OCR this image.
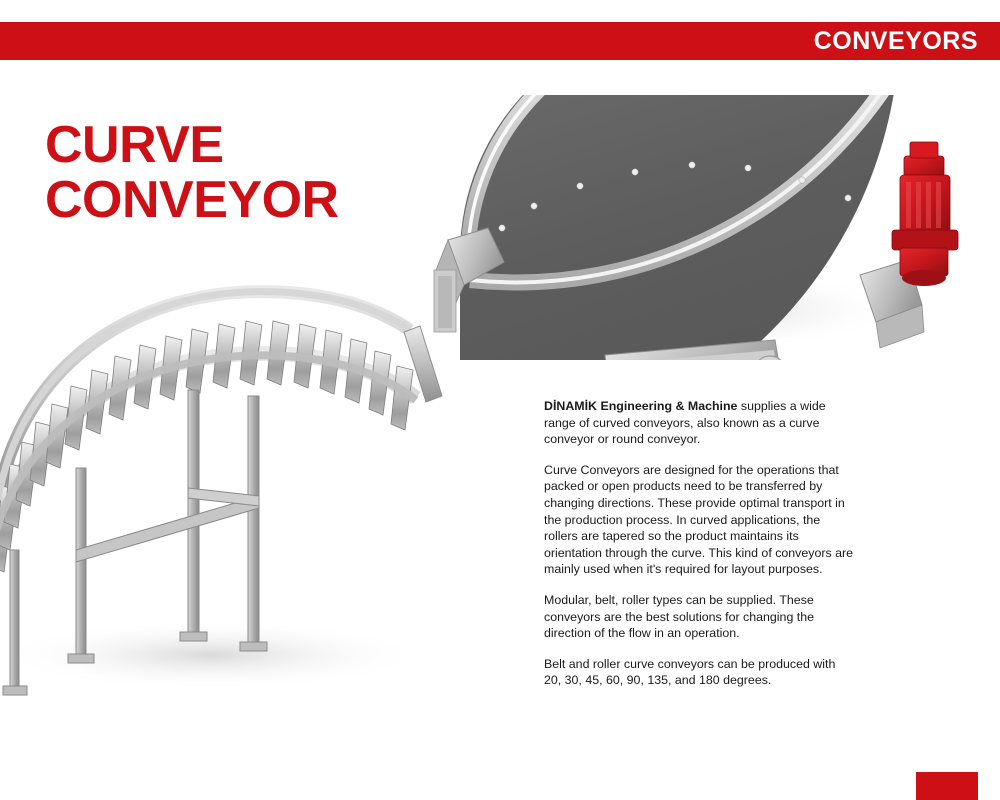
CONVEYORS
CURVE
CONVEYOR

DİNAMİK Engineering & Machine supplies a wide range of curved conveyors, also known as a curve conveyor or round conveyor.

Curve Conveyors are designed for the operations that packed or open products need to be transferred by changing directions. These provide optimal transport in the production process. In curved applications, the rollers are tapered so the product maintains its orientation through the curve. This kind of conveyors are mainly used when it's required for layout purposes.

Modular, belt, roller types can be supplied. These conveyors are the best solutions for changing the direction of the flow in an operation.

Belt and roller curve conveyors can be produced with 20, 30, 45, 60, 90, 135, and 180 degrees.
